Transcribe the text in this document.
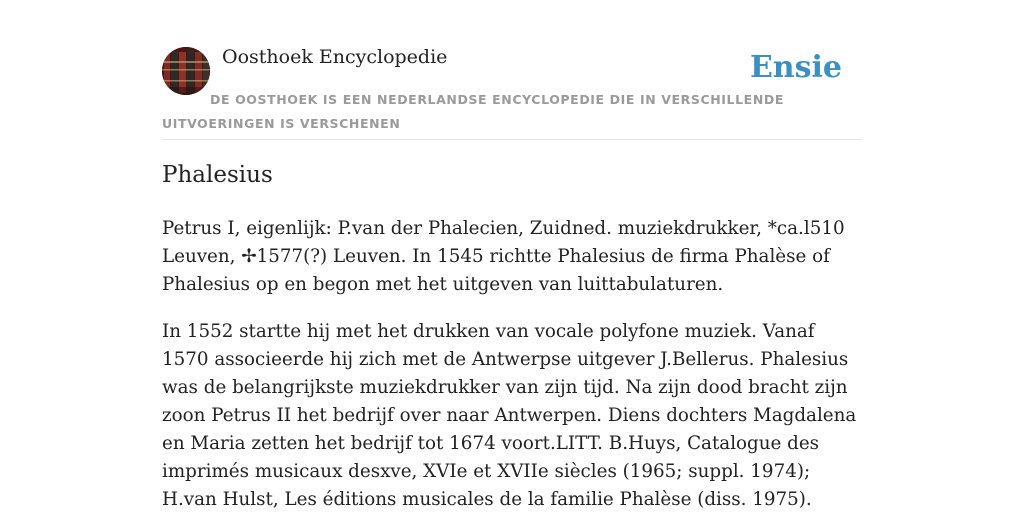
Oosthoek Encyclopedie	Ensie
DE OOSTHOEK IS EEN NEDERLANDSE ENCYCLOPEDIE DIE IN VERSCHILLENDE UITVOERINGEN IS VERSCHENEN
Phalesius

Petrus I, eigenlijk: P.van der Phalecien, Zuidned. muziekdrukker, *ca.l510 Leuven, ✢1577(?) Leuven. In 1545 richtte Phalesius de firma Phalèse of Phalesius op en begon met het uitgeven van luittabulaturen.

In 1552 startte hij met het drukken van vocale polyfone muziek. Vanaf 1570 associeerde hij zich met de Antwerpse uitgever J.Bellerus. Phalesius was de belangrijkste muziekdrukker van zijn tijd. Na zijn dood bracht zijn zoon Petrus II het bedrijf over naar Antwerpen. Diens dochters Magdalena en Maria zetten het bedrijf tot 1674 voort.LITT. B.Huys, Catalogue des imprimés musicaux desxve, XVIe et XVIIe siècles (1965; suppl. 1974); H.van Hulst, Les éditions musicales de la familie Phalèse (diss. 1975).
